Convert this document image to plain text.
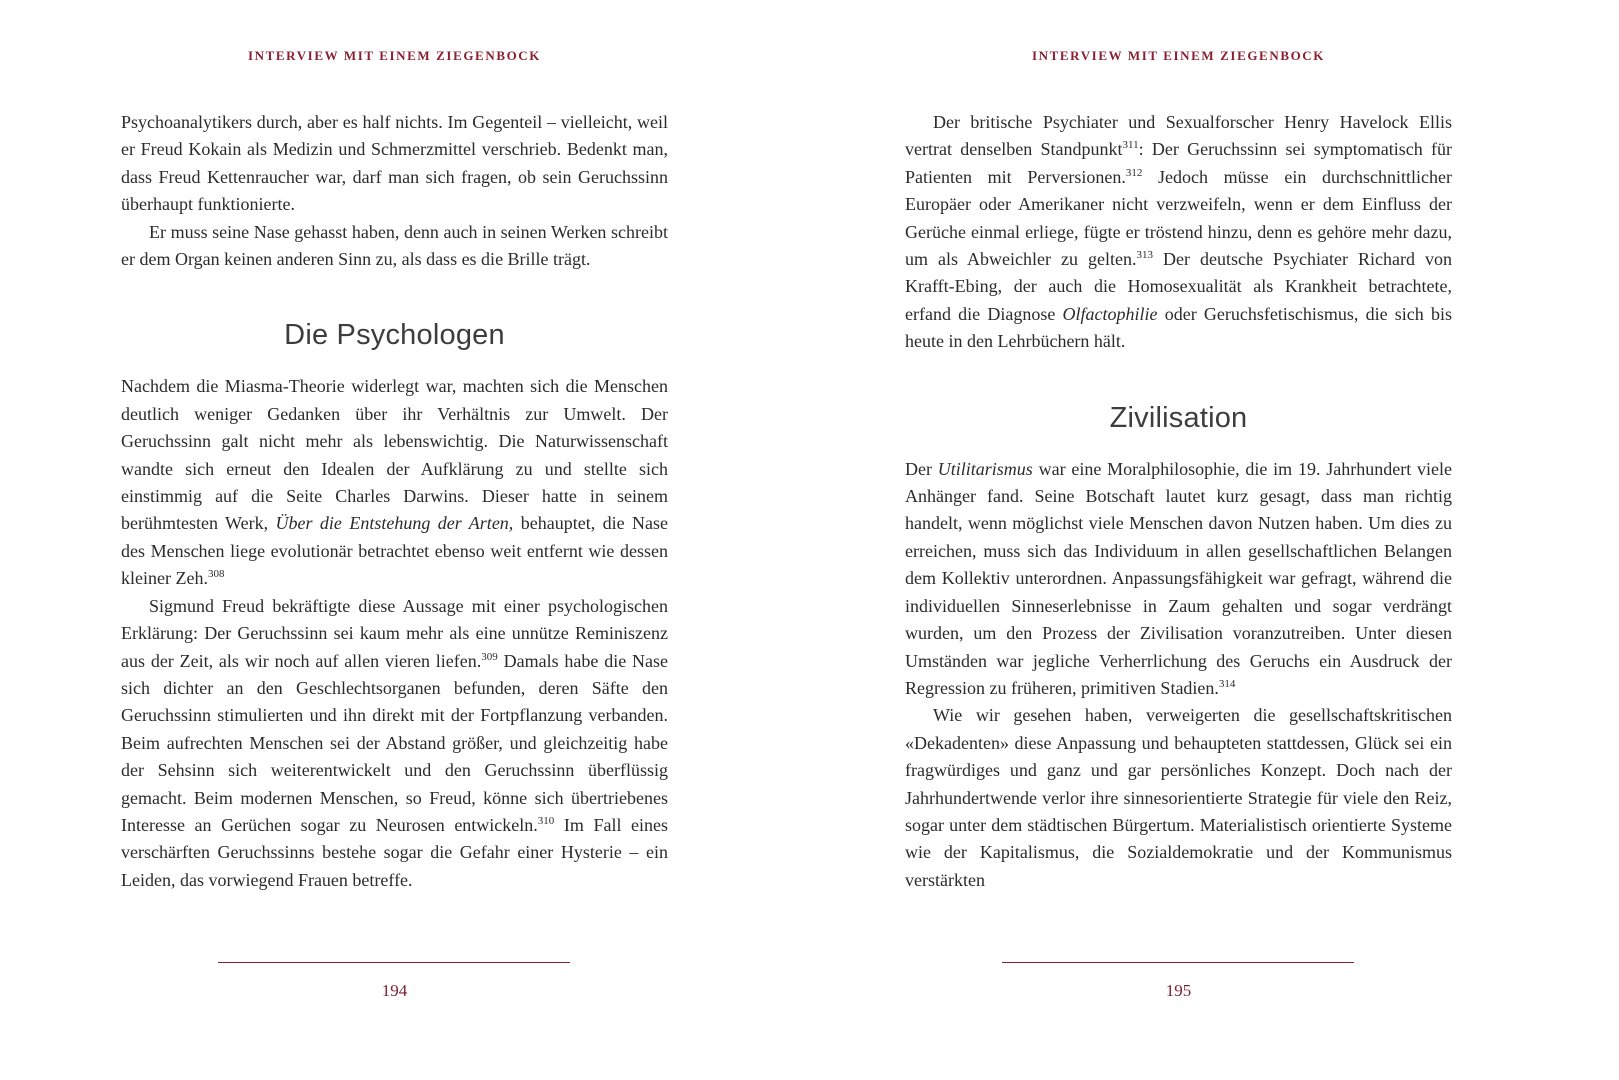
INTERVIEW MIT EINEM ZIEGENBOCK

Psychoanalytikers durch, aber es half nichts. Im Gegenteil – vielleicht, weil er Freud Kokain als Medizin und Schmerzmittel verschrieb. Bedenkt man, dass Freud Kettenraucher war, darf man sich fragen, ob sein Geruchssinn überhaupt funktionierte.

Er muss seine Nase gehasst haben, denn auch in seinen Werken schreibt er dem Organ keinen anderen Sinn zu, als dass es die Brille trägt.

Die Psychologen

Nachdem die Miasma-Theorie widerlegt war, machten sich die Menschen deutlich weniger Gedanken über ihr Verhältnis zur Umwelt. Der Geruchssinn galt nicht mehr als lebenswichtig. Die Naturwissenschaft wandte sich erneut den Idealen der Aufklärung zu und stellte sich einstimmig auf die Seite Charles Darwins. Dieser hatte in seinem berühmtesten Werk, Über die Entstehung der Arten, behauptet, die Nase des Menschen liege evolutionär betrachtet ebenso weit entfernt wie dessen kleiner Zeh.$^{308}$

Sigmund Freud bekräftigte diese Aussage mit einer psychologischen Erklärung: Der Geruchssinn sei kaum mehr als eine unnütze Reminiszenz aus der Zeit, als wir noch auf allen vieren liefen.$^{309}$ Damals habe die Nase sich dichter an den Geschlechtsorganen befunden, deren Säfte den Geruchssinn stimulierten und ihn direkt mit der Fortpflanzung verbanden. Beim aufrechten Menschen sei der Abstand größer, und gleichzeitig habe der Sehsinn sich weiterentwickelt und den Geruchssinn überflüssig gemacht. Beim modernen Menschen, so Freud, könne sich übertriebenes Interesse an Gerüchen sogar zu Neurosen entwickeln.$^{310}$ Im Fall eines verschärften Geruchssinns bestehe sogar die Gefahr einer Hysterie – ein Leiden, das vorwiegend Frauen betreffe.

194
INTERVIEW MIT EINEM ZIEGENBOCK

Der britische Psychiater und Sexualforscher Henry Havelock Ellis vertrat denselben Standpunkt$^{311}$: Der Geruchssinn sei symptomatisch für Patienten mit Perversionen.$^{312}$ Jedoch müsse ein durchschnittlicher Europäer oder Amerikaner nicht verzweifeln, wenn er dem Einfluss der Gerüche einmal erliege, fügte er tröstend hinzu, denn es gehöre mehr dazu, um als Abweichler zu gelten.$^{313}$ Der deutsche Psychiater Richard von Krafft-Ebing, der auch die Homosexualität als Krankheit betrachtete, erfand die Diagnose Olfactophilie oder Geruchsfetischismus, die sich bis heute in den Lehrbüchern hält.

Zivilisation

Der Utilitarismus war eine Moralphilosophie, die im 19. Jahrhundert viele Anhänger fand. Seine Botschaft lautet kurz gesagt, dass man richtig handelt, wenn möglichst viele Menschen davon Nutzen haben. Um dies zu erreichen, muss sich das Individuum in allen gesellschaftlichen Belangen dem Kollektiv unterordnen. Anpassungsfähigkeit war gefragt, während die individuellen Sinneserlebnisse in Zaum gehalten und sogar verdrängt wurden, um den Prozess der Zivilisation voranzutreiben. Unter diesen Umständen war jegliche Verherrlichung des Geruchs ein Ausdruck der Regression zu früheren, primitiven Stadien.$^{314}$

Wie wir gesehen haben, verweigerten die gesellschaftskritischen «Dekadenten» diese Anpassung und behaupteten stattdessen, Glück sei ein fragwürdiges und ganz und gar persönliches Konzept. Doch nach der Jahrhundertwende verlor ihre sinnesorientierte Strategie für viele den Reiz, sogar unter dem städtischen Bürgertum. Materialistisch orientierte Systeme wie der Kapitalismus, die Sozialdemokratie und der Kommunismus verstärkten

195
